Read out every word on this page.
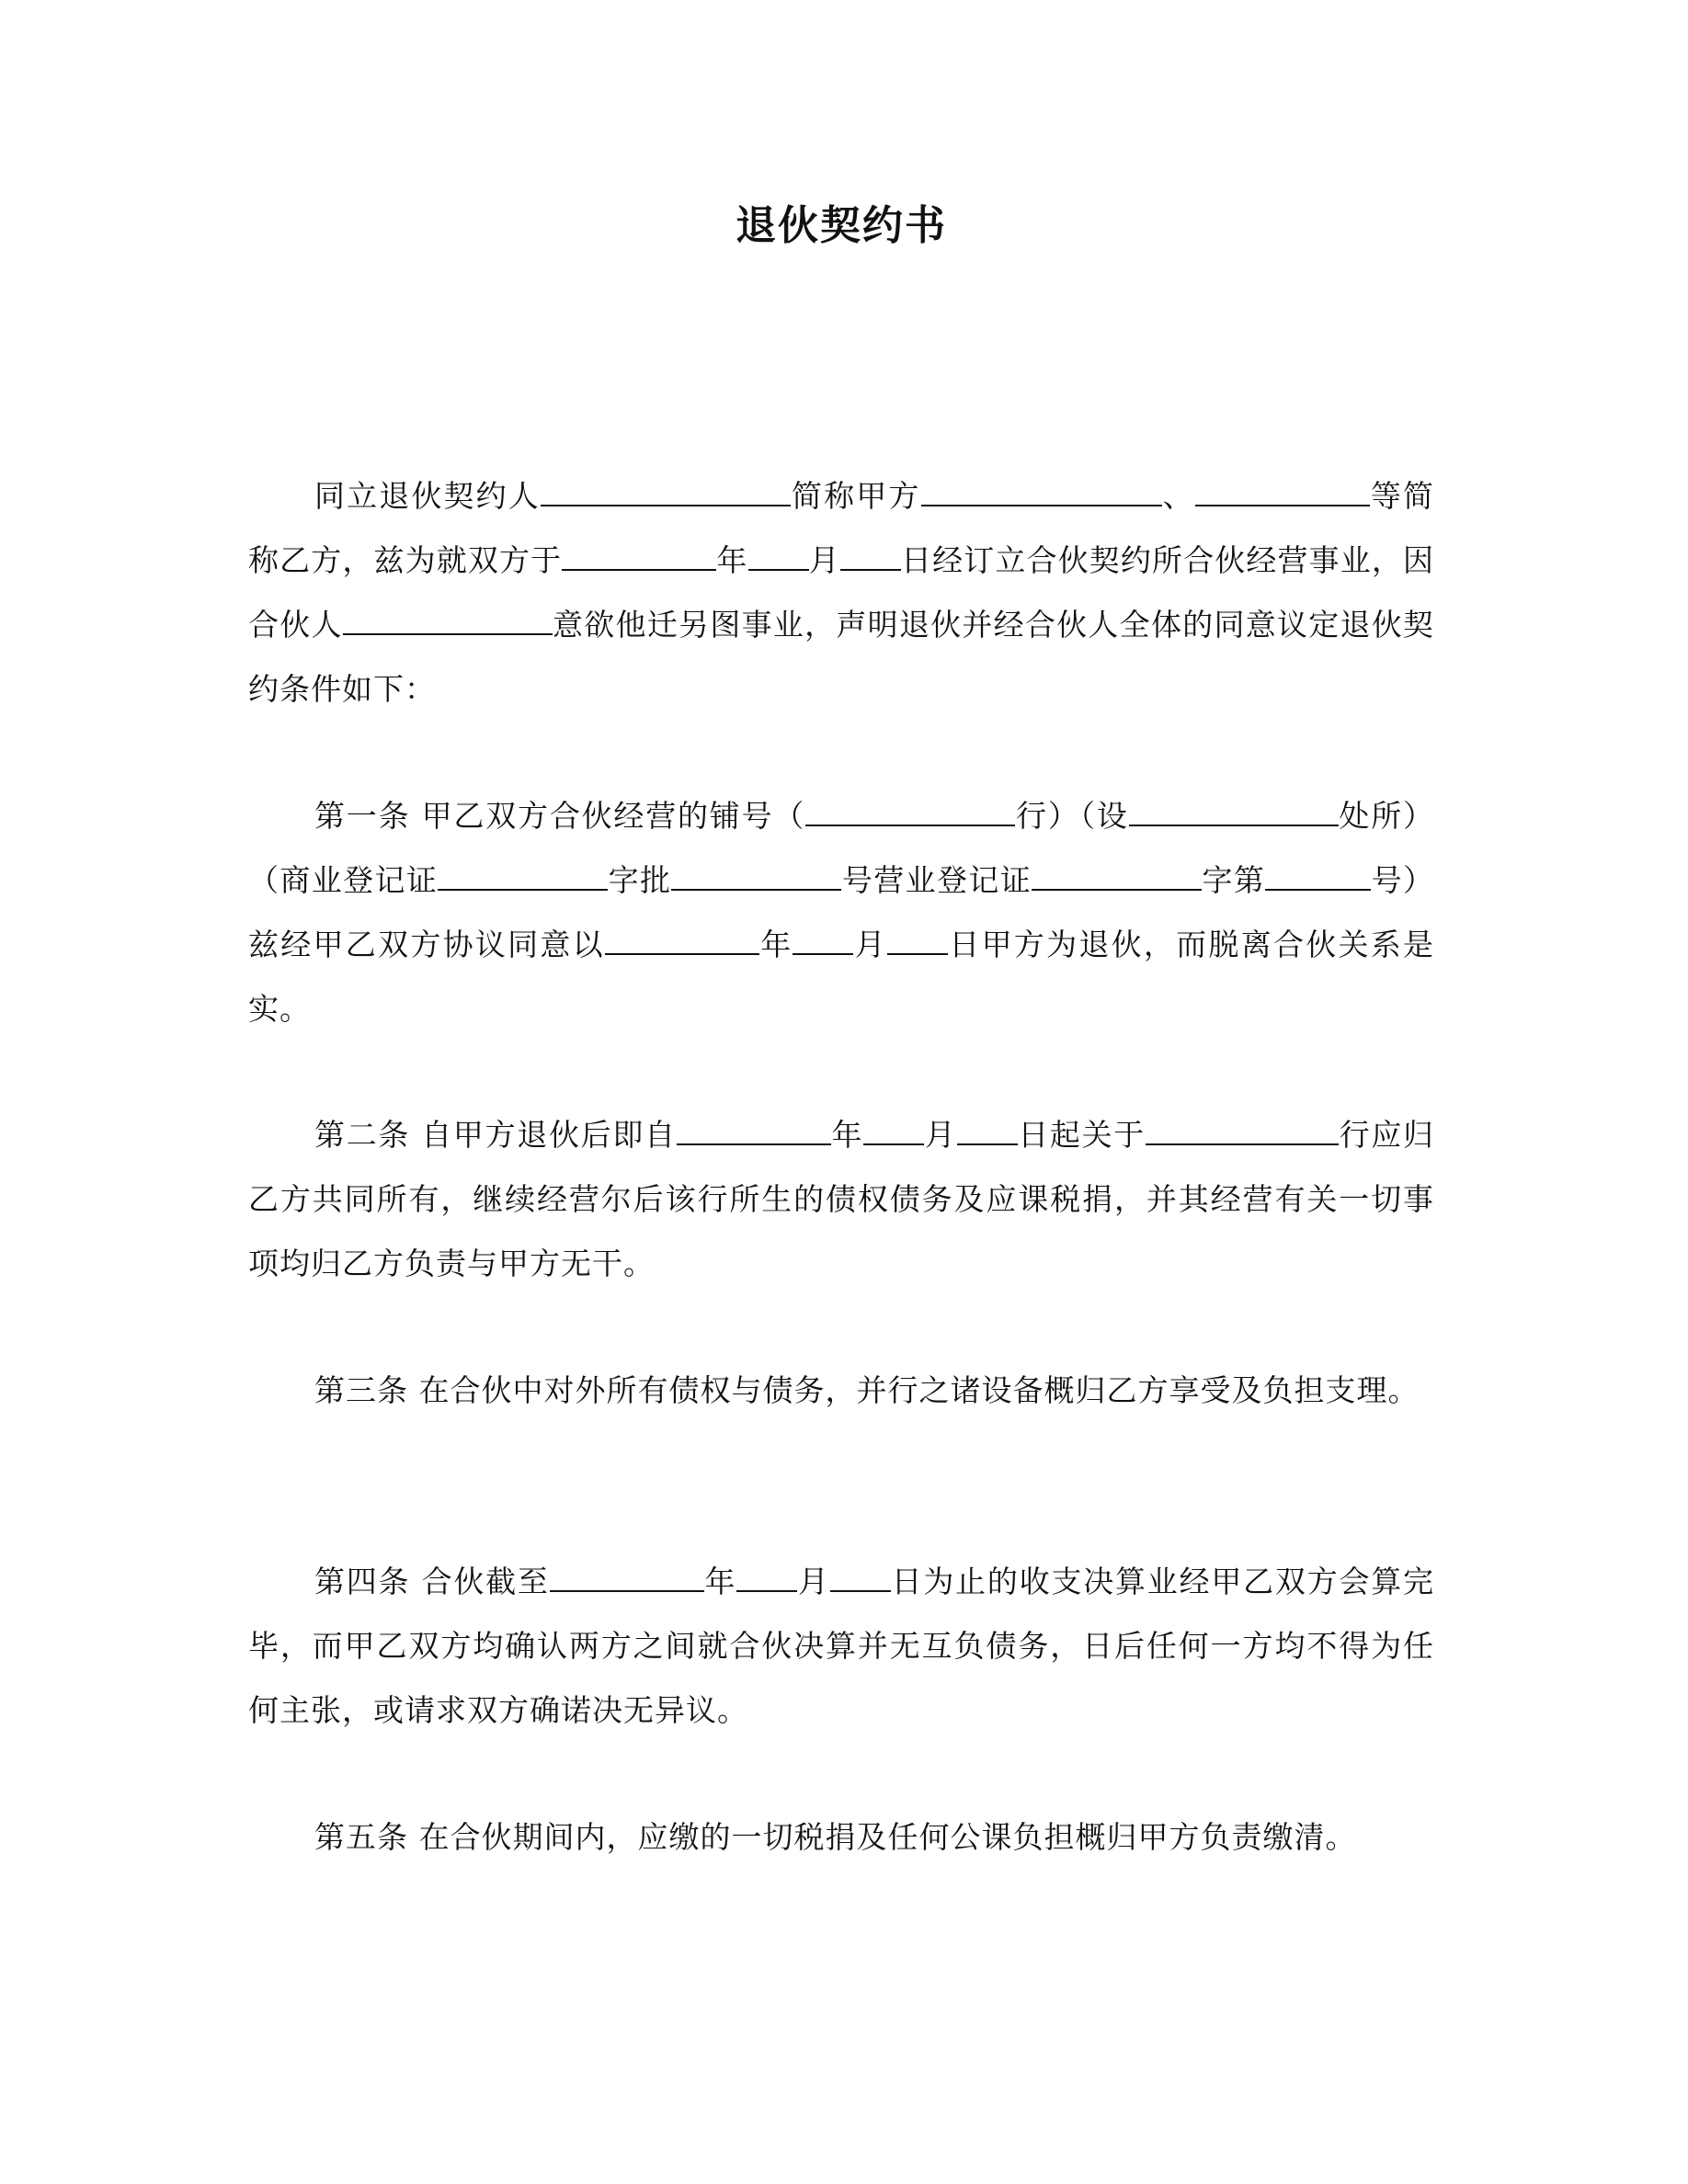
退伙契约书

同立退伙契约人	简称甲方	、	等简称乙方，兹为就双方于	年 月 日经订立合伙契约所合伙经营事业，因合伙人	意欲他迁另图事业，声明退伙并经合伙人全体的同意议定退伙契约条件如下：

第一条 甲乙双方合伙经营的铺号（	行）（设	处所）（商业登记证	字批	号营业登记证	字第	号）兹经甲乙双方协议同意以	年 月 日甲方为退伙，而脱离合伙关系是实。

第二条 自甲方退伙后即自	年 月 日起关于	行应归乙方共同所有，继续经营尔后该行所生的债权债务及应课税捐，并其经营有关一切事项均归乙方负责与甲方无干。

第三条 在合伙中对外所有债权与债务，并行之诸设备概归乙方享受及负担支理。

第四条 合伙截至	年 月 日为止的收支决算业经甲乙双方会算完毕，而甲乙双方均确认两方之间就合伙决算并无互负债务，日后任何一方均不得为任何主张，或请求双方确诺决无异议。

第五条 在合伙期间内，应缴的一切税捐及任何公课负担概归甲方负责缴清。
